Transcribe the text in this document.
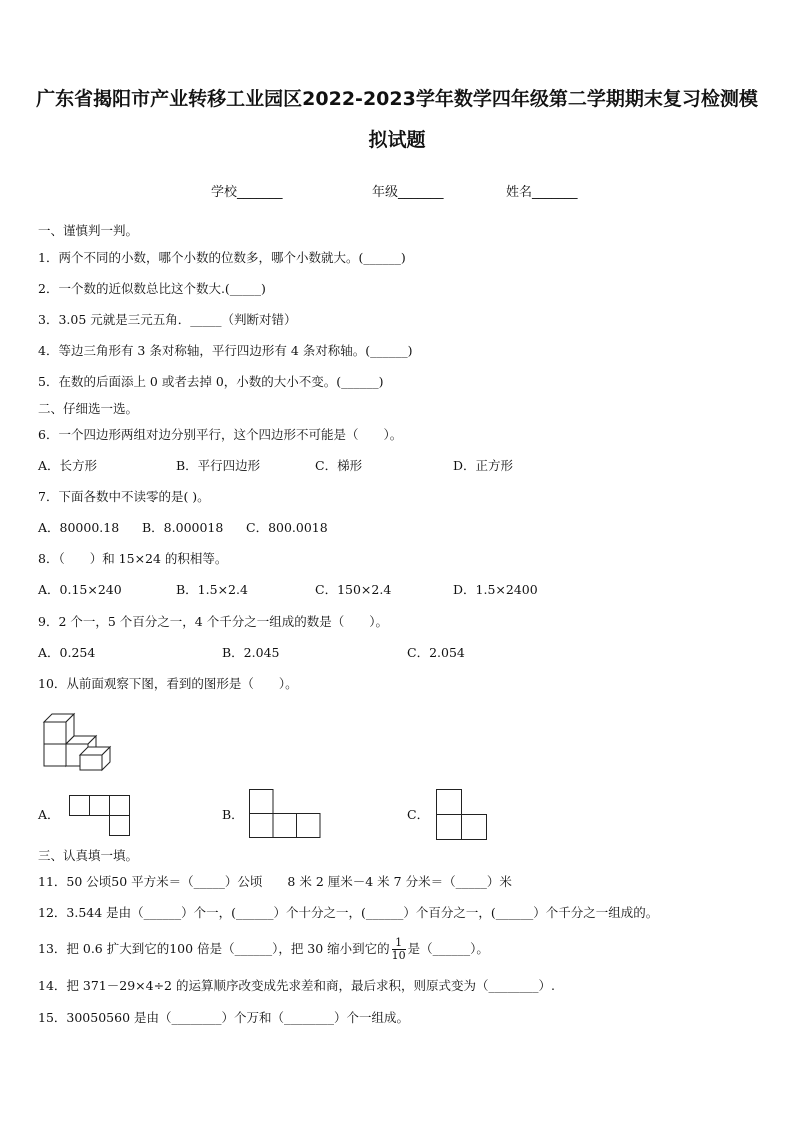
广东省揭阳市产业转移工业园区2022-2023学年数学四年级第二学期期末复习检测模
拟试题
学校_______	年级_______	姓名_______
一、谨慎判一判。
1．两个不同的小数，哪个小数的位数多，哪个小数就大。(______)
2．一个数的近似数总比这个数大.(_____)
3．3.05 元就是三元五角．_____（判断对错）
4．等边三角形有 3 条对称轴，平行四边形有 4 条对称轴。(______)
5．在数的后面添上 0 或者去掉 0，小数的大小不变。(______)
二、仔细选一选。
6．一个四边形两组对边分别平行，这个四边形不可能是（　　）。
A．长方形	B．平行四边形	C．梯形	D．正方形
7．下面各数中不读零的是( )。
A．80000.18 B．8.000018 C．800.0018
8．（　　）和 15×24 的积相等。
A．0.15×240	B．1.5×2.4	C．150×2.4	D．1.5×2400
9．2 个一，5 个百分之一，4 个千分之一组成的数是（　　）。
A．0.254	B．2.045	C．2.054
10．从前面观察下图，看到的图形是（　　）。
A．	B．	C．
三、认真填一填。
11．50 公顷50 平方米＝（_____）公顷　　8 米 2 厘米－4 米 7 分米＝（_____）米
12．3.544 是由（______）个一，(______）个十分之一，(______）个百分之一，(______）个千分之一组成的。
13．把 0.6 扩大到它的100 倍是（______），把 30 缩小到它的 $\frac{1}{10}$ 是（______）。
14．把 371－29×4÷2 的运算顺序改变成先求差和商，最后求积，则原式变为（________）.
15．30050560 是由（________）个万和（________）个一组成。
